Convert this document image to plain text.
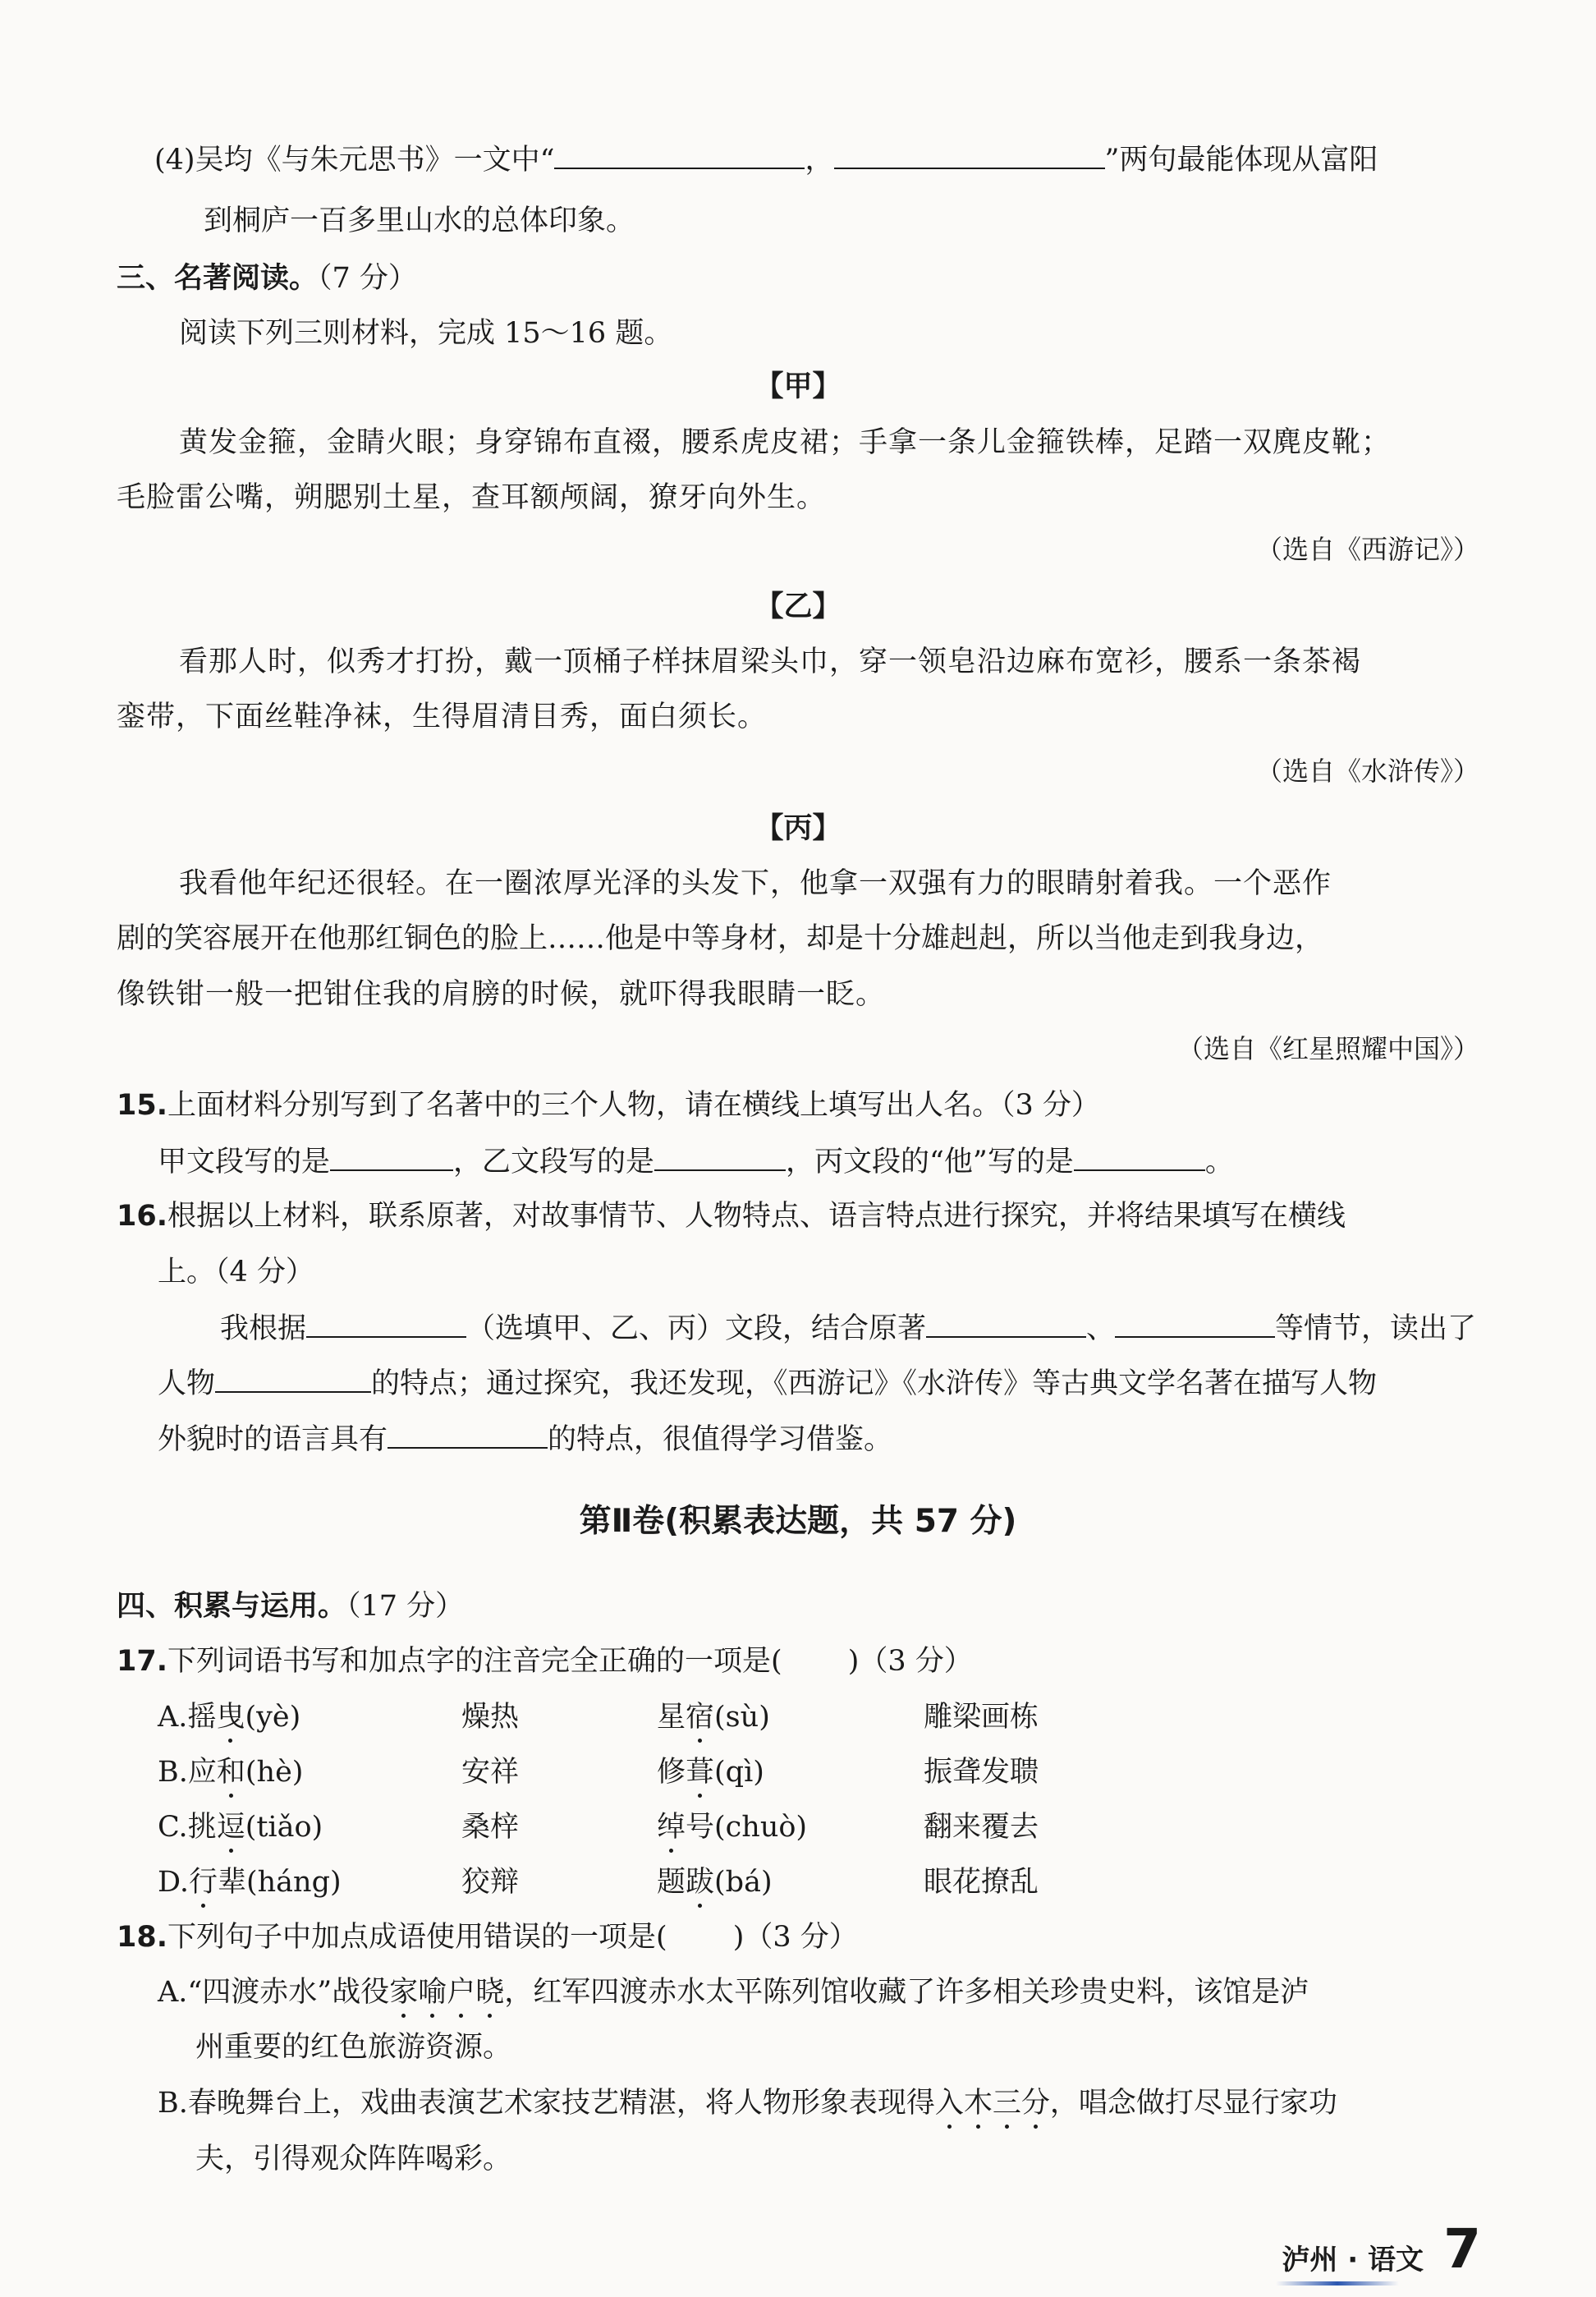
(4)吴均《与朱元思书》一文中“	，	”两句最能体现从富阳
到桐庐一百多里山水的总体印象。
三、名著阅读。（7 分）
阅读下列三则材料，完成 15～16 题。
【甲】
黄发金箍，金睛火眼；身穿锦布直裰，腰系虎皮裙；手拿一条儿金箍铁棒，足踏一双麂皮靴；
毛脸雷公嘴，朔腮别土星，查耳额颅阔，獠牙向外生。
（选自《西游记》）
【乙】
看那人时，似秀才打扮，戴一顶桶子样抹眉梁头巾，穿一领皂沿边麻布宽衫，腰系一条茶褐
銮带，下面丝鞋净袜，生得眉清目秀，面白须长。
（选自《水浒传》）
【丙】
我看他年纪还很轻。在一圈浓厚光泽的头发下，他拿一双强有力的眼睛射着我。一个恶作
剧的笑容展开在他那红铜色的脸上……他是中等身材，却是十分雄赳赳，所以当他走到我身边，
像铁钳一般一把钳住我的肩膀的时候，就吓得我眼睛一眨。
（选自《红星照耀中国》）
15.上面材料分别写到了名著中的三个人物，请在横线上填写出人名。（3 分）
甲文段写的是	，乙文段写的是	，丙文段的“他”写的是	。
16.根据以上材料，联系原著，对故事情节、人物特点、语言特点进行探究，并将结果填写在横线
上。（4 分）
我根据	（选填甲、乙、丙）文段，结合原著	、	等情节，读出了
人物	的特点；通过探究，我还发现，《西游记》《水浒传》等古典文学名著在描写人物
外貌时的语言具有	的特点，很值得学习借鉴。
第Ⅱ卷(积累表达题，共 57 分)
四、积累与运用。（17 分）
17.下列词语书写和加点字的注音完全正确的一项是( )（3 分）
A.摇曳(yè)	燥热	星宿(sù)	雕梁画栋
B.应和(hè)	安祥	修葺(qì)	振聋发聩
C.挑逗(tiǎo)	桑梓	绰号(chuò)	翻来覆去
D.行辈(háng)	狡辩	题跋(bá)	眼花撩乱
18.下列句子中加点成语使用错误的一项是( )（3 分）
A.“四渡赤水”战役家喻户晓，红军四渡赤水太平陈列馆收藏了许多相关珍贵史料，该馆是泸
州重要的红色旅游资源。
B.春晚舞台上，戏曲表演艺术家技艺精湛，将人物形象表现得入木三分，唱念做打尽显行家功
夫，引得观众阵阵喝彩。
泸州 · 语文 7
